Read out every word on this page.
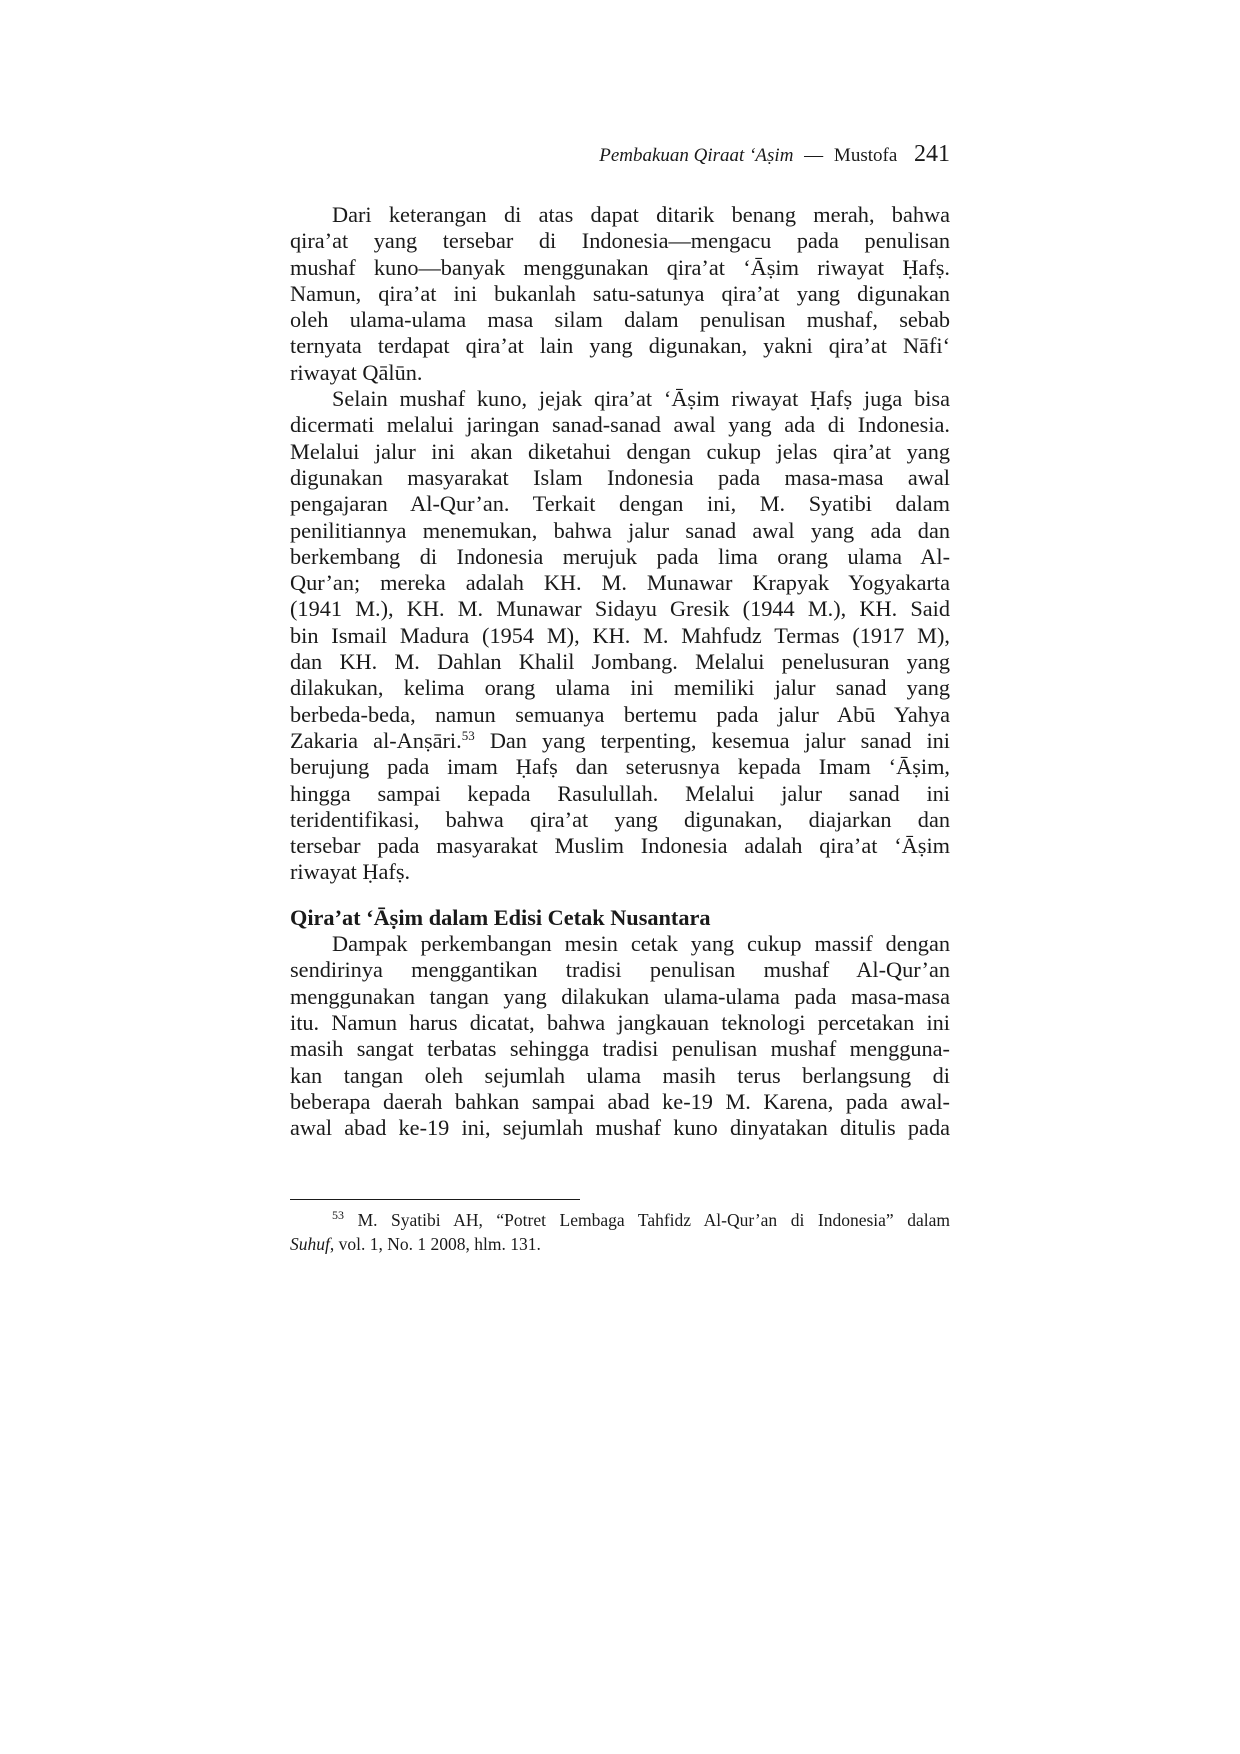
Pembakuan Qiraat ‘Aṣim — Mustofa 241
Dari keterangan di atas dapat ditarik benang merah, bahwa
qira’at yang tersebar di Indonesia—mengacu pada penulisan
mushaf kuno—banyak menggunakan qira’at ‘Āṣim riwayat Ḥafṣ.
Namun, qira’at ini bukanlah satu-satunya qira’at yang digunakan
oleh ulama-ulama masa silam dalam penulisan mushaf, sebab
ternyata terdapat qira’at lain yang digunakan, yakni qira’at Nāfi‘
riwayat Qālūn.
Selain mushaf kuno, jejak qira’at ‘Āṣim riwayat Ḥafṣ juga bisa
dicermati melalui jaringan sanad-sanad awal yang ada di Indonesia.
Melalui jalur ini akan diketahui dengan cukup jelas qira’at yang
digunakan masyarakat Islam Indonesia pada masa-masa awal
pengajaran Al-Qur’an. Terkait dengan ini, M. Syatibi dalam
penilitiannya menemukan, bahwa jalur sanad awal yang ada dan
berkembang di Indonesia merujuk pada lima orang ulama Al-
Qur’an; mereka adalah KH. M. Munawar Krapyak Yogyakarta
(1941 M.), KH. M. Munawar Sidayu Gresik (1944 M.), KH. Said
bin Ismail Madura (1954 M), KH. M. Mahfudz Termas (1917 M),
dan KH. M. Dahlan Khalil Jombang. Melalui penelusuran yang
dilakukan, kelima orang ulama ini memiliki jalur sanad yang
berbeda-beda, namun semuanya bertemu pada jalur Abū Yahya
Zakaria al-Anṣāri.$^{53}$ Dan yang terpenting, kesemua jalur sanad ini
berujung pada imam Ḥafṣ dan seterusnya kepada Imam ‘Āṣim,
hingga sampai kepada Rasulullah. Melalui jalur sanad ini
teridentifikasi, bahwa qira’at yang digunakan, diajarkan dan
tersebar pada masyarakat Muslim Indonesia adalah qira’at ‘Āṣim
riwayat Ḥafṣ.
Qira’at ‘Āṣim dalam Edisi Cetak Nusantara
Dampak perkembangan mesin cetak yang cukup massif dengan
sendirinya menggantikan tradisi penulisan mushaf Al-Qur’an
menggunakan tangan yang dilakukan ulama-ulama pada masa-masa
itu. Namun harus dicatat, bahwa jangkauan teknologi percetakan ini
masih sangat terbatas sehingga tradisi penulisan mushaf mengguna-
kan tangan oleh sejumlah ulama masih terus berlangsung di
beberapa daerah bahkan sampai abad ke-19 M. Karena, pada awal-
awal abad ke-19 ini, sejumlah mushaf kuno dinyatakan ditulis pada
$^{53}$ M. Syatibi AH, “Potret Lembaga Tahfidz Al-Qur’an di Indonesia” dalam
Suhuf, vol. 1, No. 1 2008, hlm. 131.
